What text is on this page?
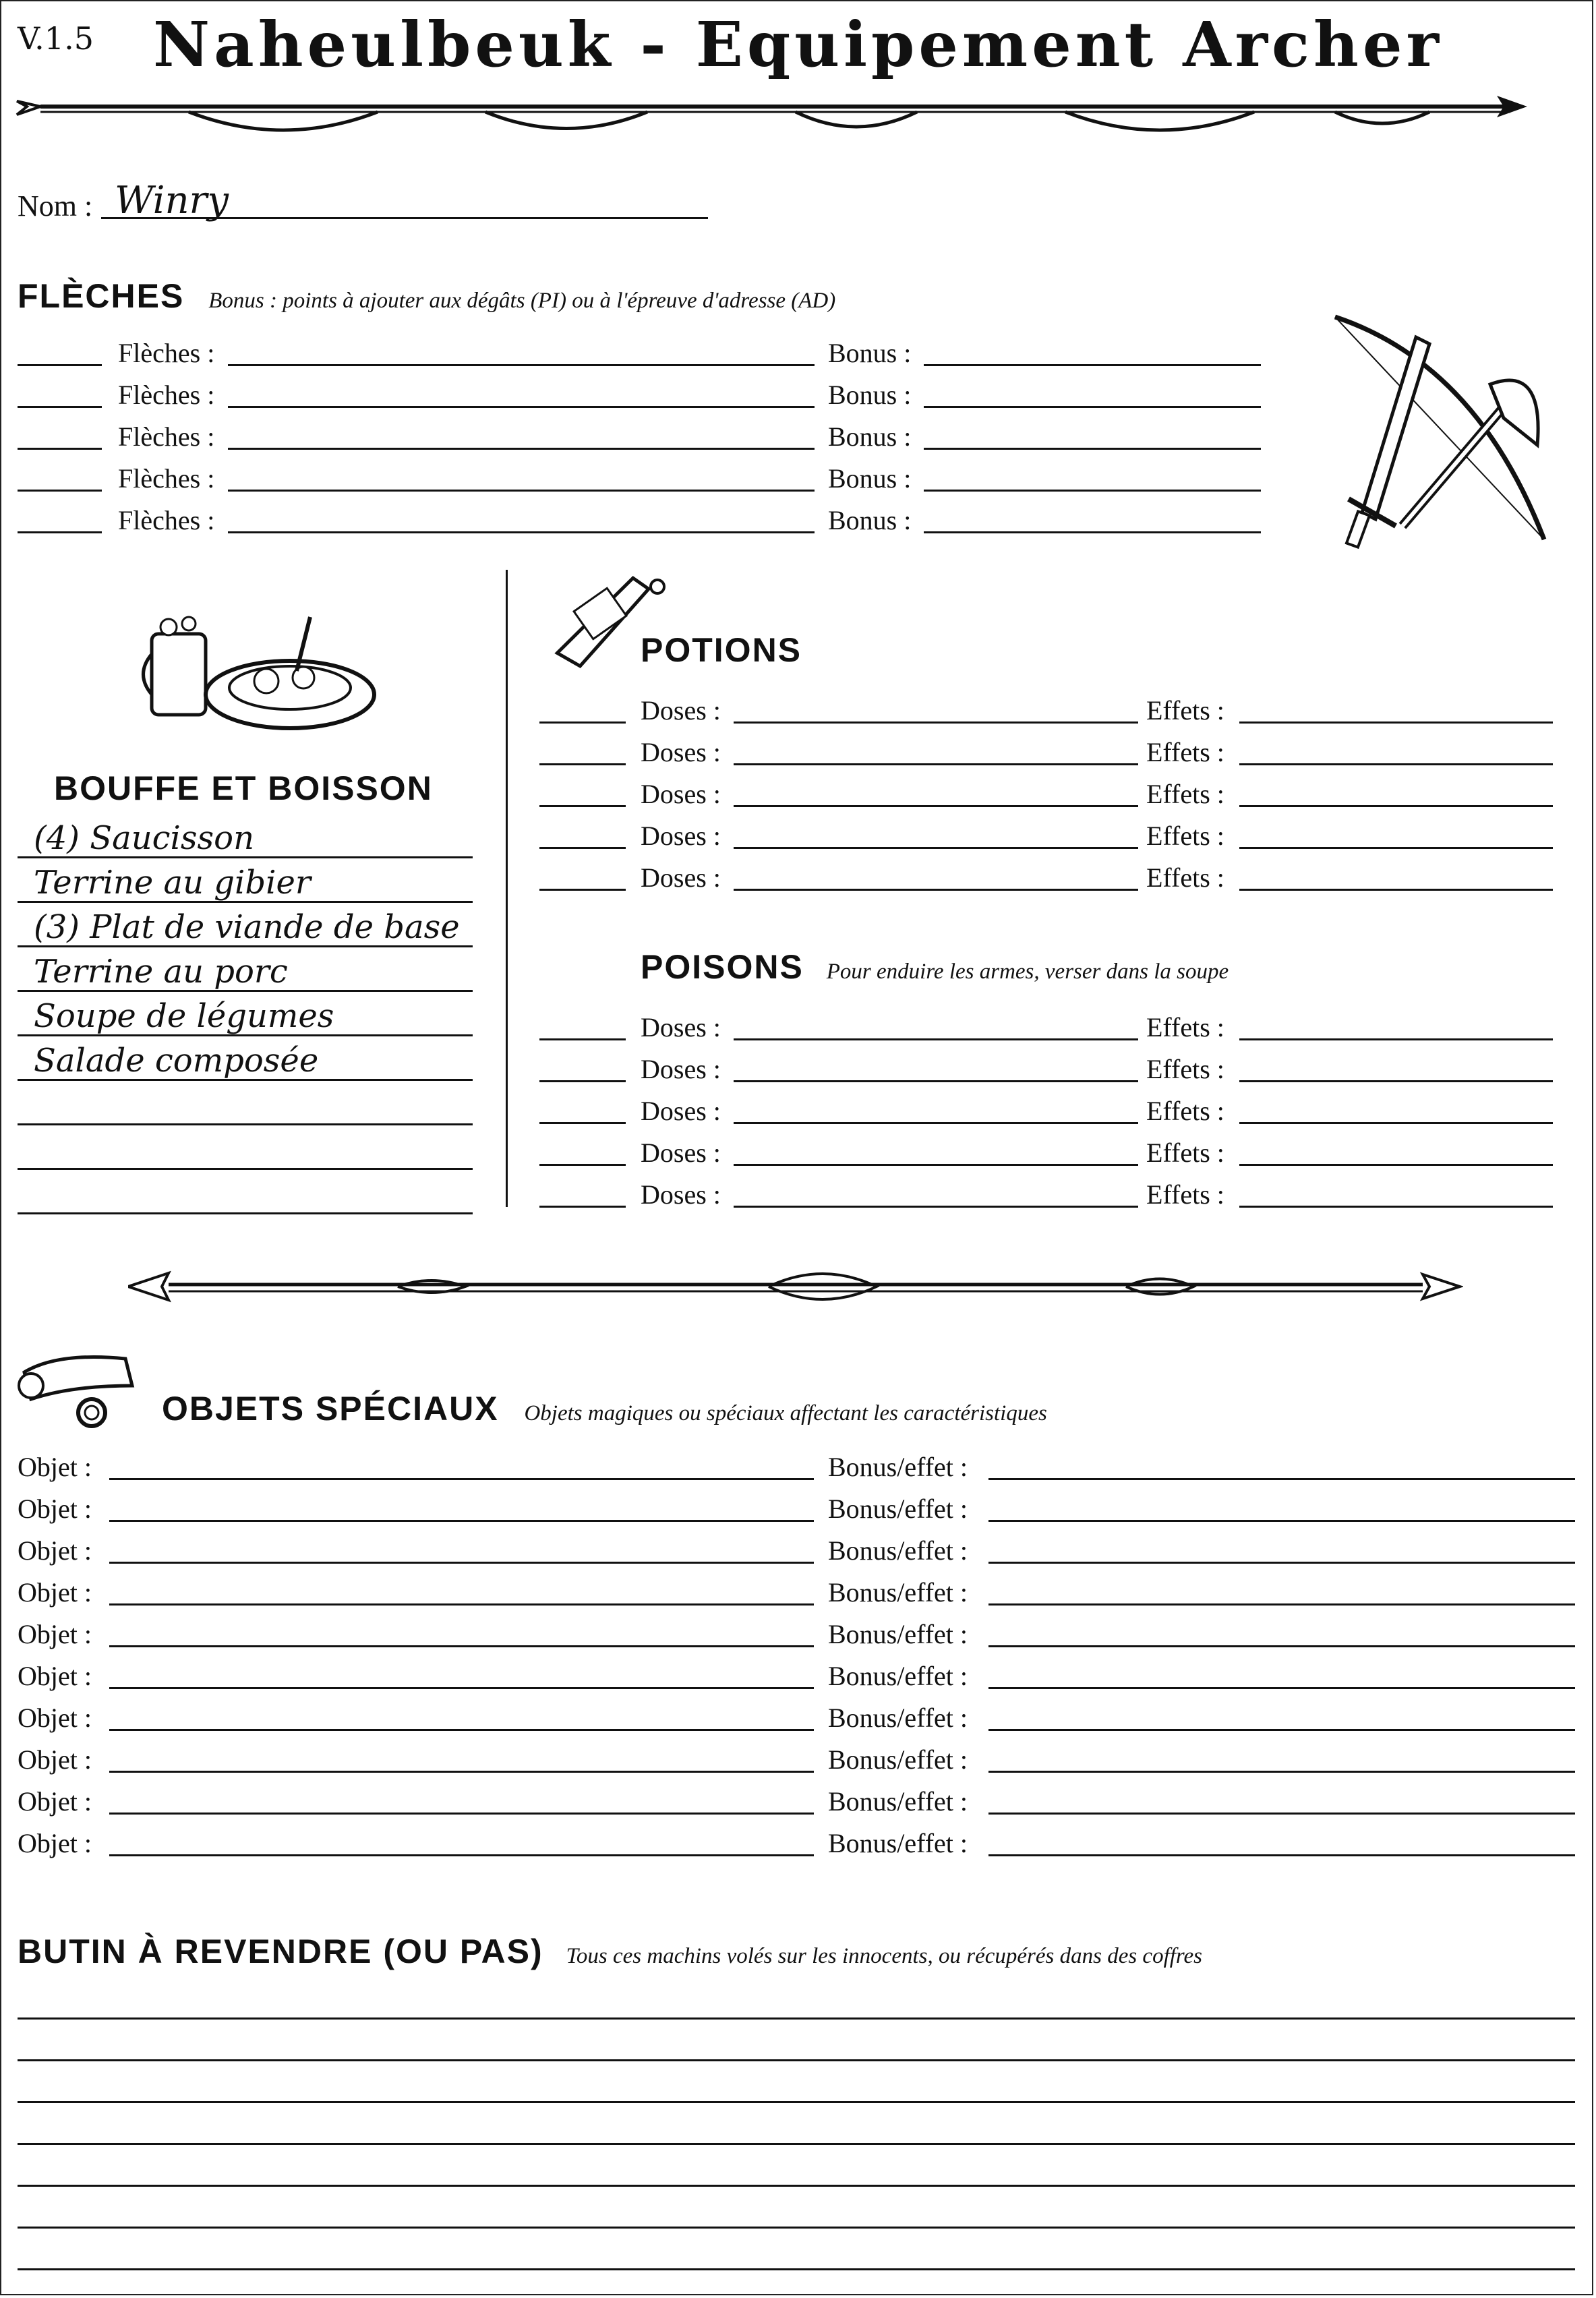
V.1.5 Naheulbeuk - Equipement Archer
Nom : Winry
FLÈCHES Bonus : points à ajouter aux dégâts (PI) ou à l'épreuve d'adresse (AD)
Flèches :	Bonus :
Flèches :	Bonus :
Flèches :	Bonus :
Flèches :	Bonus :
Flèches :	Bonus :
BOUFFE ET BOISSON
(4) Saucisson
Terrine au gibier
(3) Plat de viande de base
Terrine au porc
Soupe de légumes
Salade composée
POTIONS
Doses :	Effets :
Doses :	Effets :
Doses :	Effets :
Doses :	Effets :
Doses :	Effets :
POISONS Pour enduire les armes, verser dans la soupe
Doses :	Effets :
Doses :	Effets :
Doses :	Effets :
Doses :	Effets :
Doses :	Effets :
OBJETS SPÉCIAUX Objets magiques ou spéciaux affectant les caractéristiques
Objet :	Bonus/effet :
Objet :	Bonus/effet :
Objet :	Bonus/effet :
Objet :	Bonus/effet :
Objet :	Bonus/effet :
Objet :	Bonus/effet :
Objet :	Bonus/effet :
Objet :	Bonus/effet :
Objet :	Bonus/effet :
Objet :	Bonus/effet :
BUTIN À REVENDRE (OU PAS) Tous ces machins volés sur les innocents, ou récupérés dans des coffres
